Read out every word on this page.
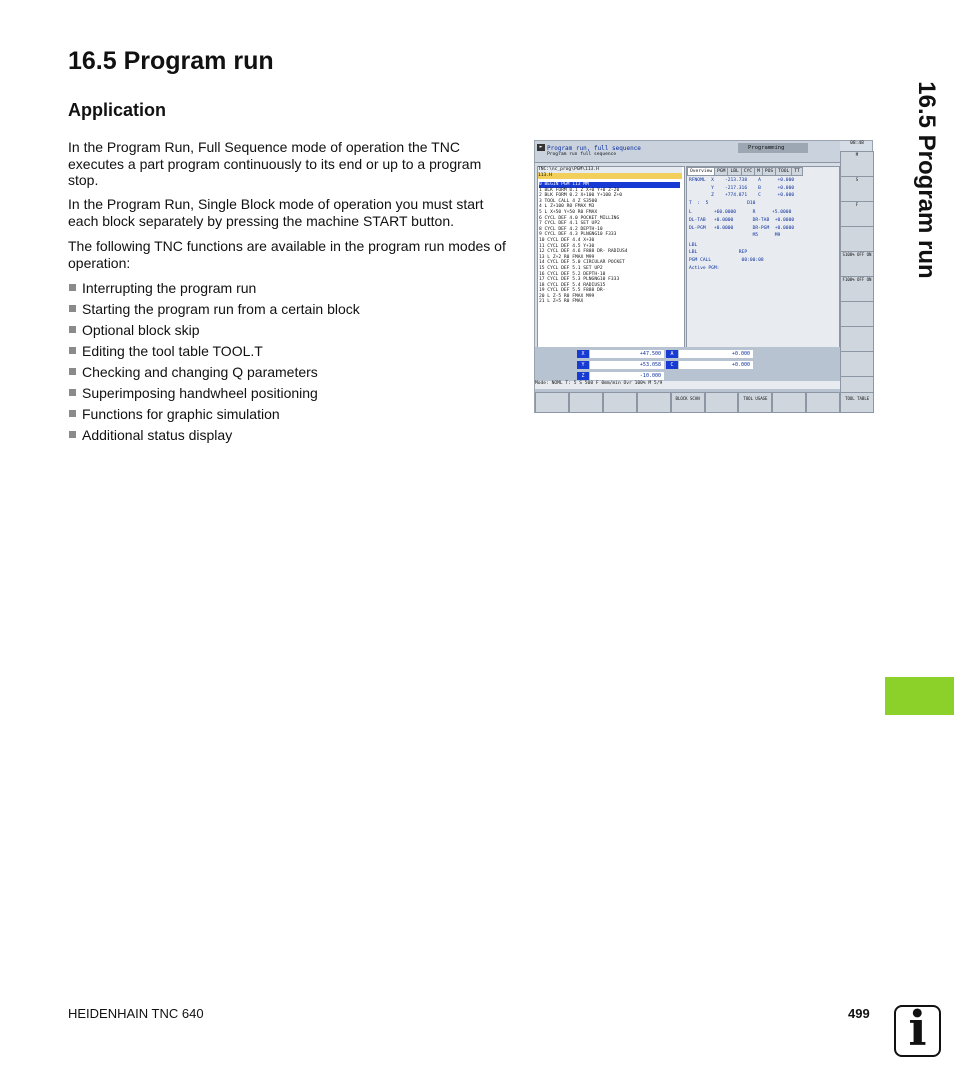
16.5 Program run
16.5 Program run
Application
In the Program Run, Full Sequence mode of operation the TNC executes a part program continuously to its end or up to a program stop.
In the Program Run, Single Block mode of operation you must start each block separately by pressing the machine START button.
The following TNC functions are available in the program run modes of operation:
Interrupting the program run
Starting the program run from a certain block
Optional block skip
Editing the tool table TOOL.T
Checking and changing Q parameters
Superimposing handwheel positioning
Functions for graphic simulation
Additional status display
► Program run, full sequence
Program run full sequence
Programming
08:48
TNC:\nc_prog\PGM\113.H
113.H
0 BEGIN PGM 113 MM
1 BLK FORM 0.1 Z X+0 Y+0 Z-20
2 BLK FORM 0.2 X+100 Y+100 Z+0
3 TOOL CALL 4 Z S3500
4 L Z+100 R0 FMAX M3
5 L X+50 Y+50 R0 FMAX
6 CYCL DEF 4.0 POCKET MILLING
7 CYCL DEF 4.1 SET UP2
8 CYCL DEF 4.2 DEPTH-10
9 CYCL DEF 4.3 PLNGNG10 F333
10 CYCL DEF 4.4 X+30
11 CYCL DEF 4.5 Y+30
12 CYCL DEF 4.6 F888 DR- RADIUS4
13 L Z+2 R0 FMAX M99
14 CYCL DEF 5.0 CIRCULAR POCKET
15 CYCL DEF 5.1 SET UP2
16 CYCL DEF 5.2 DEPTH-10
17 CYCL DEF 5.3 PLNGNG10 F333
18 CYCL DEF 5.4 RADIUS15
19 CYCL DEF 5.5 F888 DR-
20 L Z-5 R0 FMAX M99
21 L Z+5 R0 FMAX
Overview	PGM	LBL	CYC	M	POS	TOOL	TT
RFNOML  X    -213.738    A      +0.000
Y    -217.316    B      +0.000
Z    +774.871    C      +0.000
T  :  5              D10
L        +60.0000      R      +5.0000
DL-TAB   +0.0000       DR-TAB  +0.0000
DL-PGM   +0.0000       DR-PGM  +0.0000
M5      M9
LBL
LBL               REP
PGM CALL           00:00:08
Active PGM:
X	+47.500
Y	+53.058
Z	-10.000
A	+0.000
C	+0.000
Mode: NOML T: 5 S 500 F 0mm/min Ovr 100% M 5/9
M
S
F
S100% OFF ON
F100% OFF ON
BLOCK SCAN	TOOL USAGE	TOOL TABLE
HEIDENHAIN TNC 640	499 i
